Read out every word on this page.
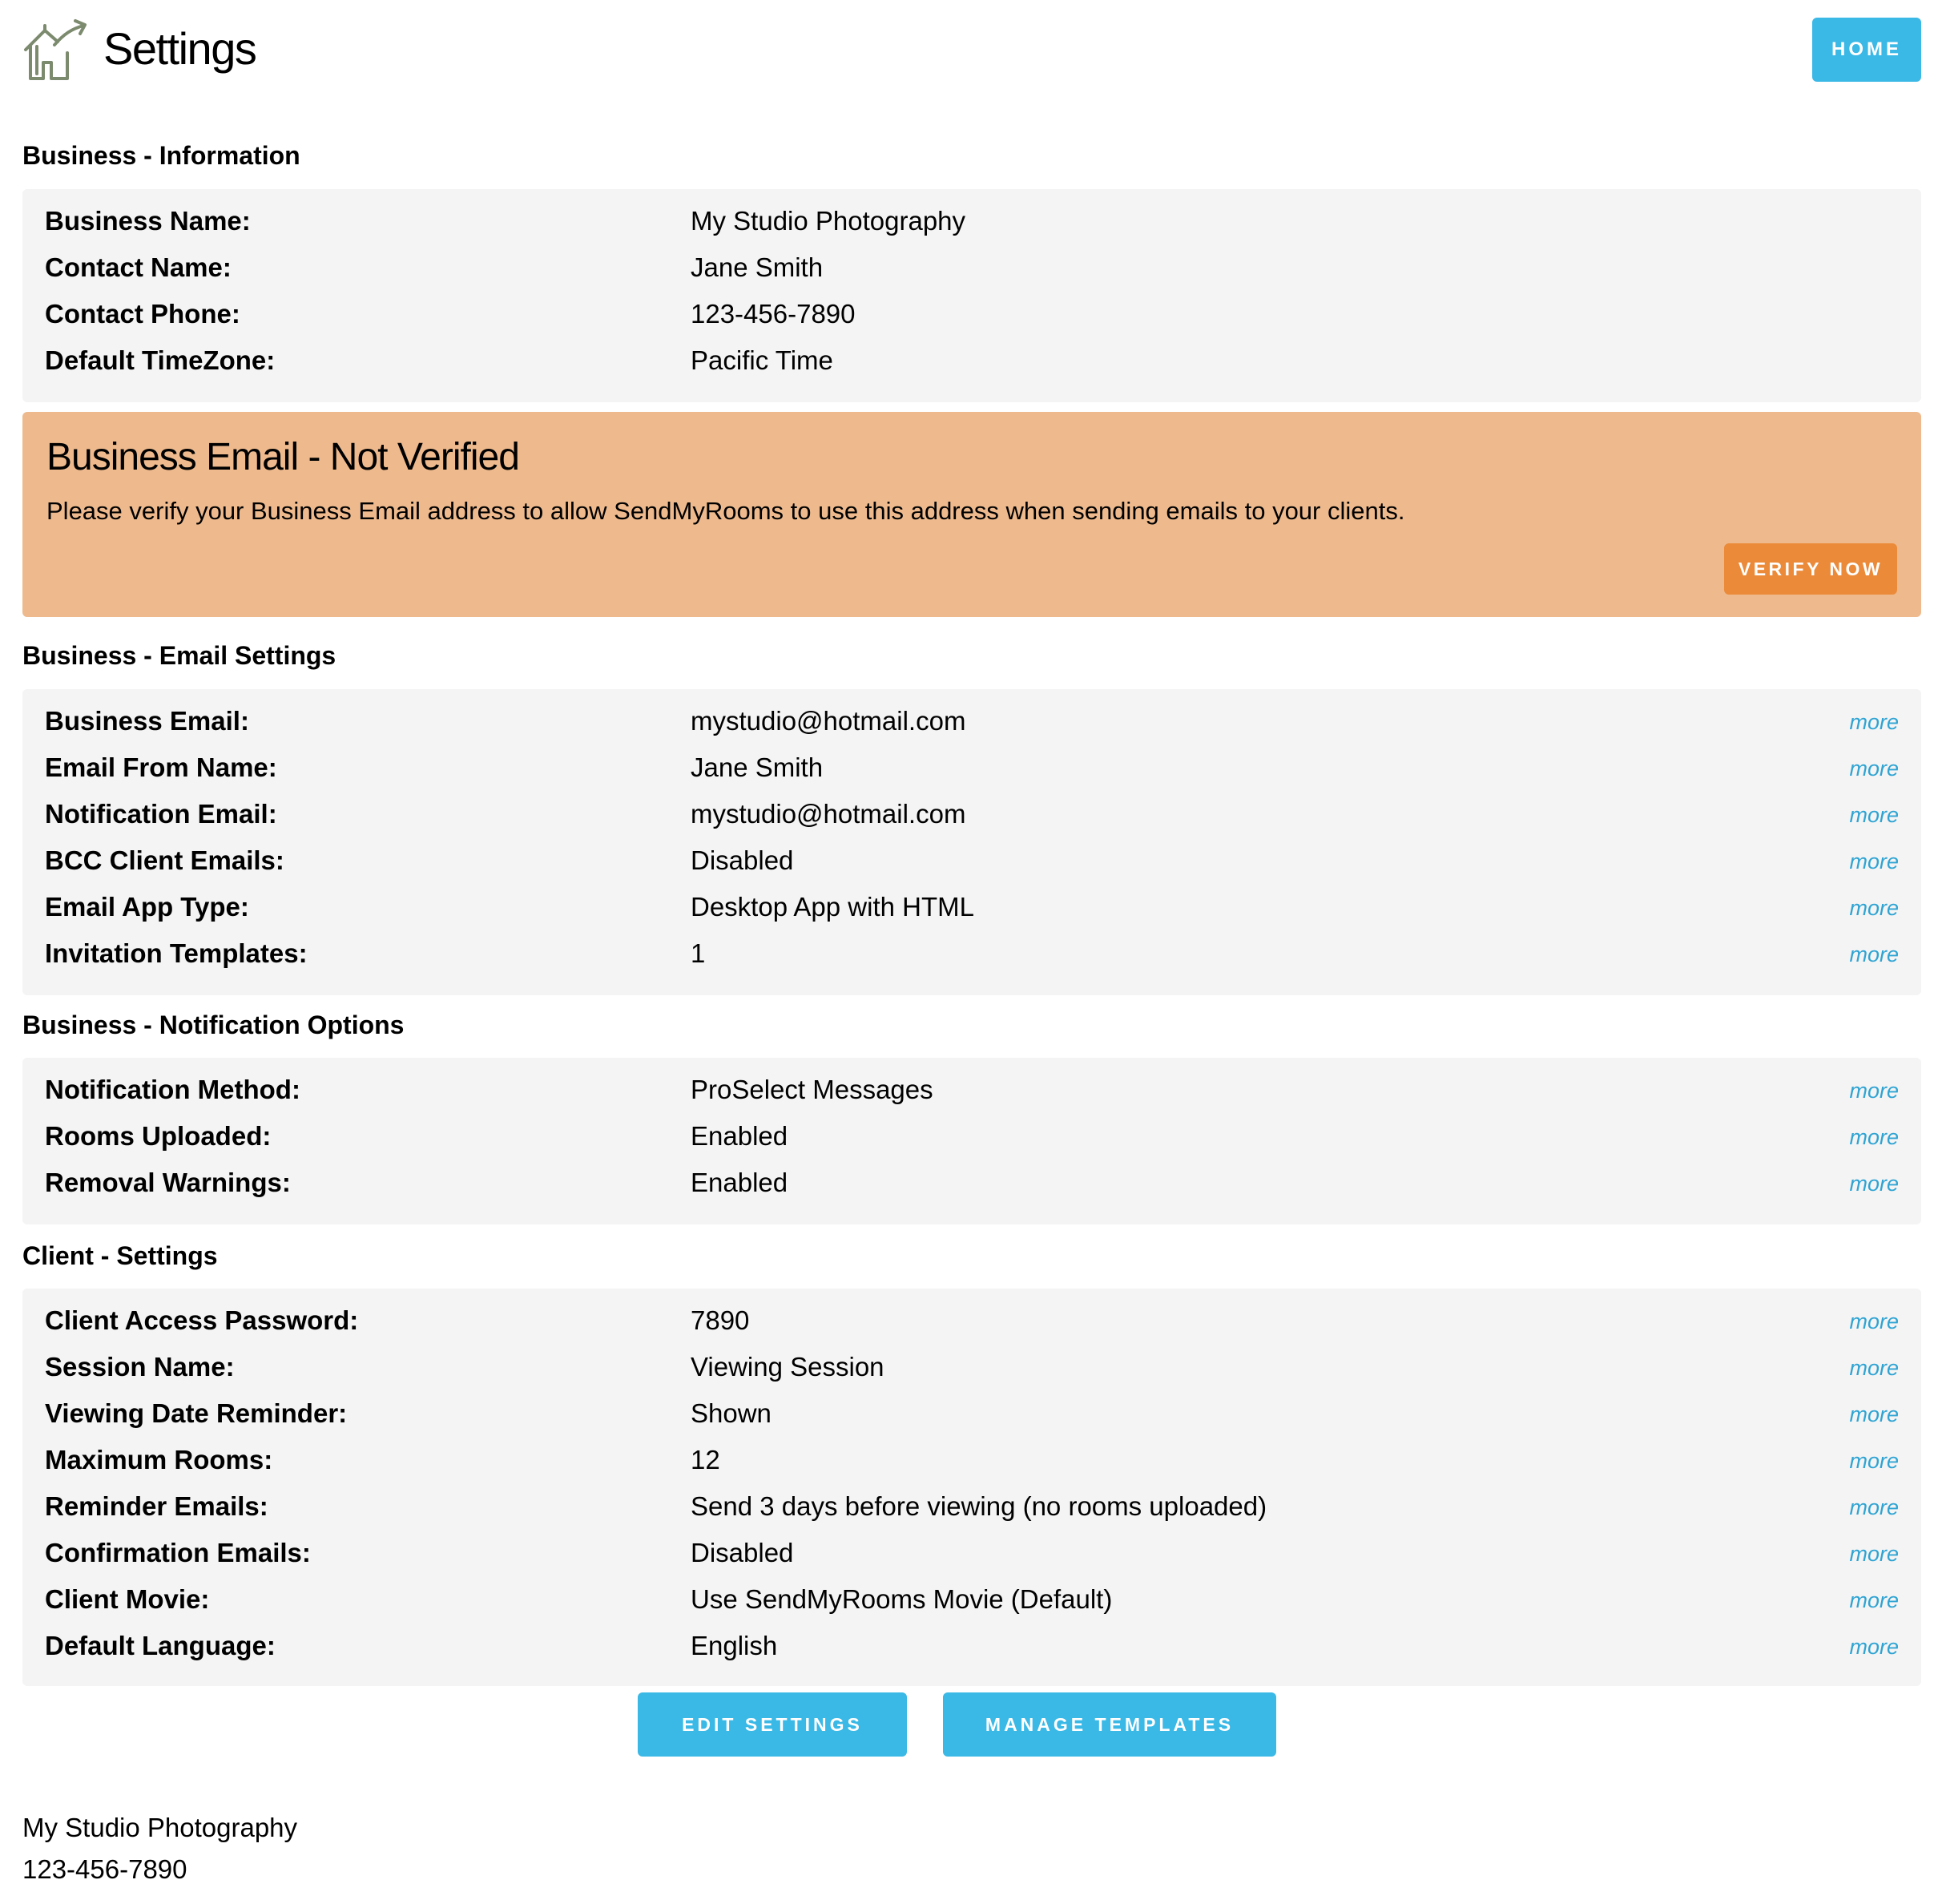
Settings	HOME
Business - Information
Business Name:	My Studio Photography
Contact Name:	Jane Smith
Contact Phone:	123-456-7890
Default TimeZone:	Pacific Time
Business Email - Not Verified
Please verify your Business Email address to allow SendMyRooms to use this address when sending emails to your clients.
VERIFY NOW
Business - Email Settings
Business Email:	mystudio@hotmail.com	more
Email From Name:	Jane Smith	more
Notification Email:	mystudio@hotmail.com	more
BCC Client Emails:	Disabled	more
Email App Type:	Desktop App with HTML	more
Invitation Templates:	1	more
Business - Notification Options
Notification Method:	ProSelect Messages	more
Rooms Uploaded:	Enabled	more
Removal Warnings:	Enabled	more
Client - Settings
Client Access Password:	7890	more
Session Name:	Viewing Session	more
Viewing Date Reminder:	Shown	more
Maximum Rooms:	12	more
Reminder Emails:	Send 3 days before viewing (no rooms uploaded)	more
Confirmation Emails:	Disabled	more
Client Movie:	Use SendMyRooms Movie (Default)	more
Default Language:	English	more
EDIT SETTINGS	MANAGE TEMPLATES
My Studio Photography
123-456-7890
